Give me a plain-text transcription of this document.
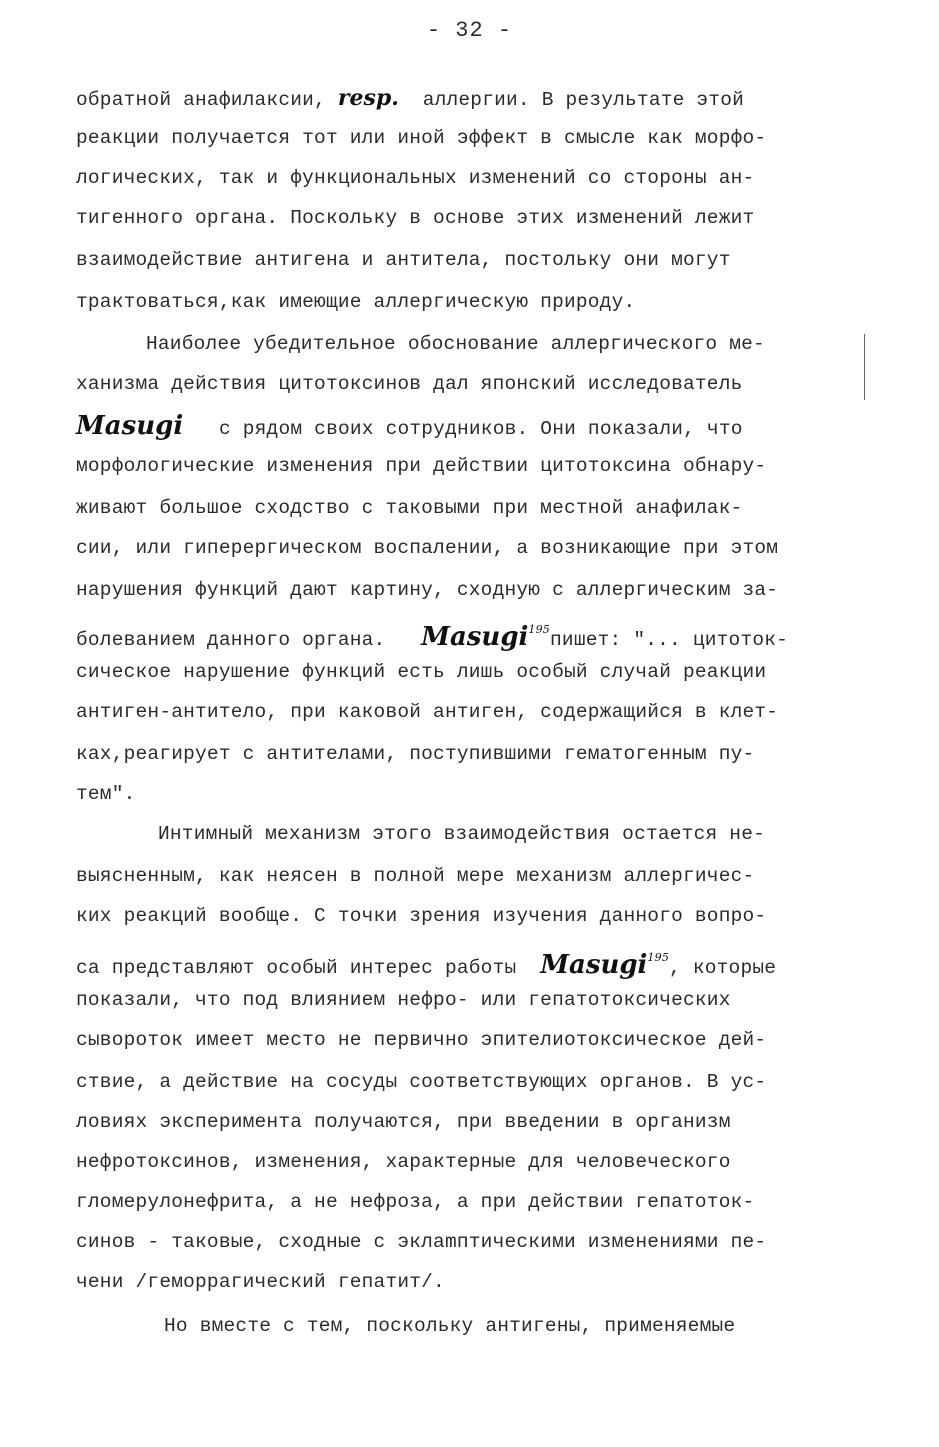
- 32 -
обратной анафилаксии, resp. аллергии. В результате этой
реакции получается тот или иной эффект в смысле как морфо-
логических, так и функциональных изменений со стороны ан-
тигенного органа. Поскольку в основе этих изменений лежит
взаимодействие антигена и антитела, постольку они могут
трактоваться,как имеющие аллергическую природу.
Наиболее убедительное обоснование аллергического ме-
ханизма действия цитотоксинов дал японский исследователь
Masugi с рядом своих сотрудников. Они показали, что
морфологические изменения при действии цитотоксина обнару-
живают большое сходство с таковыми при местной анафилак-
сии, или гиперергическом воспалении, а возникающие при этом
нарушения функций дают картину, сходную с аллергическим за-
болеванием данного органа. Masugi$^{195}$пишет: "... цитоток-
сическое нарушение функций есть лишь особый случай реакции
антиген-антитело, при каковой антиген, содержащийся в клет-
ках,реагирует с антителами, поступившими гематогенным пу-
тем".
Интимный механизм этого взаимодействия остается не-
выясненным, как неясен в полной мере механизм аллергичес-
ких реакций вообще. С точки зрения изучения данного вопро-
са представляют особый интерес работы Masugi$^{195}$, которые
показали, что под влиянием нефро- или гепатотоксических
сывороток имеет место не первично эпителиотоксическое дей-
ствие, а действие на сосуды соответствующих органов. В ус-
ловиях эксперимента получаются, при введении в организм
нефротоксинов, изменения, характерные для человеческого
гломерулонефрита, а не нефроза, а при действии гепатоток-
синов - таковые, сходные с эклamптическими изменениями пе-
чени /геморрагический гепатит/.
Но вместе с тем, поскольку антигены, применяемые
